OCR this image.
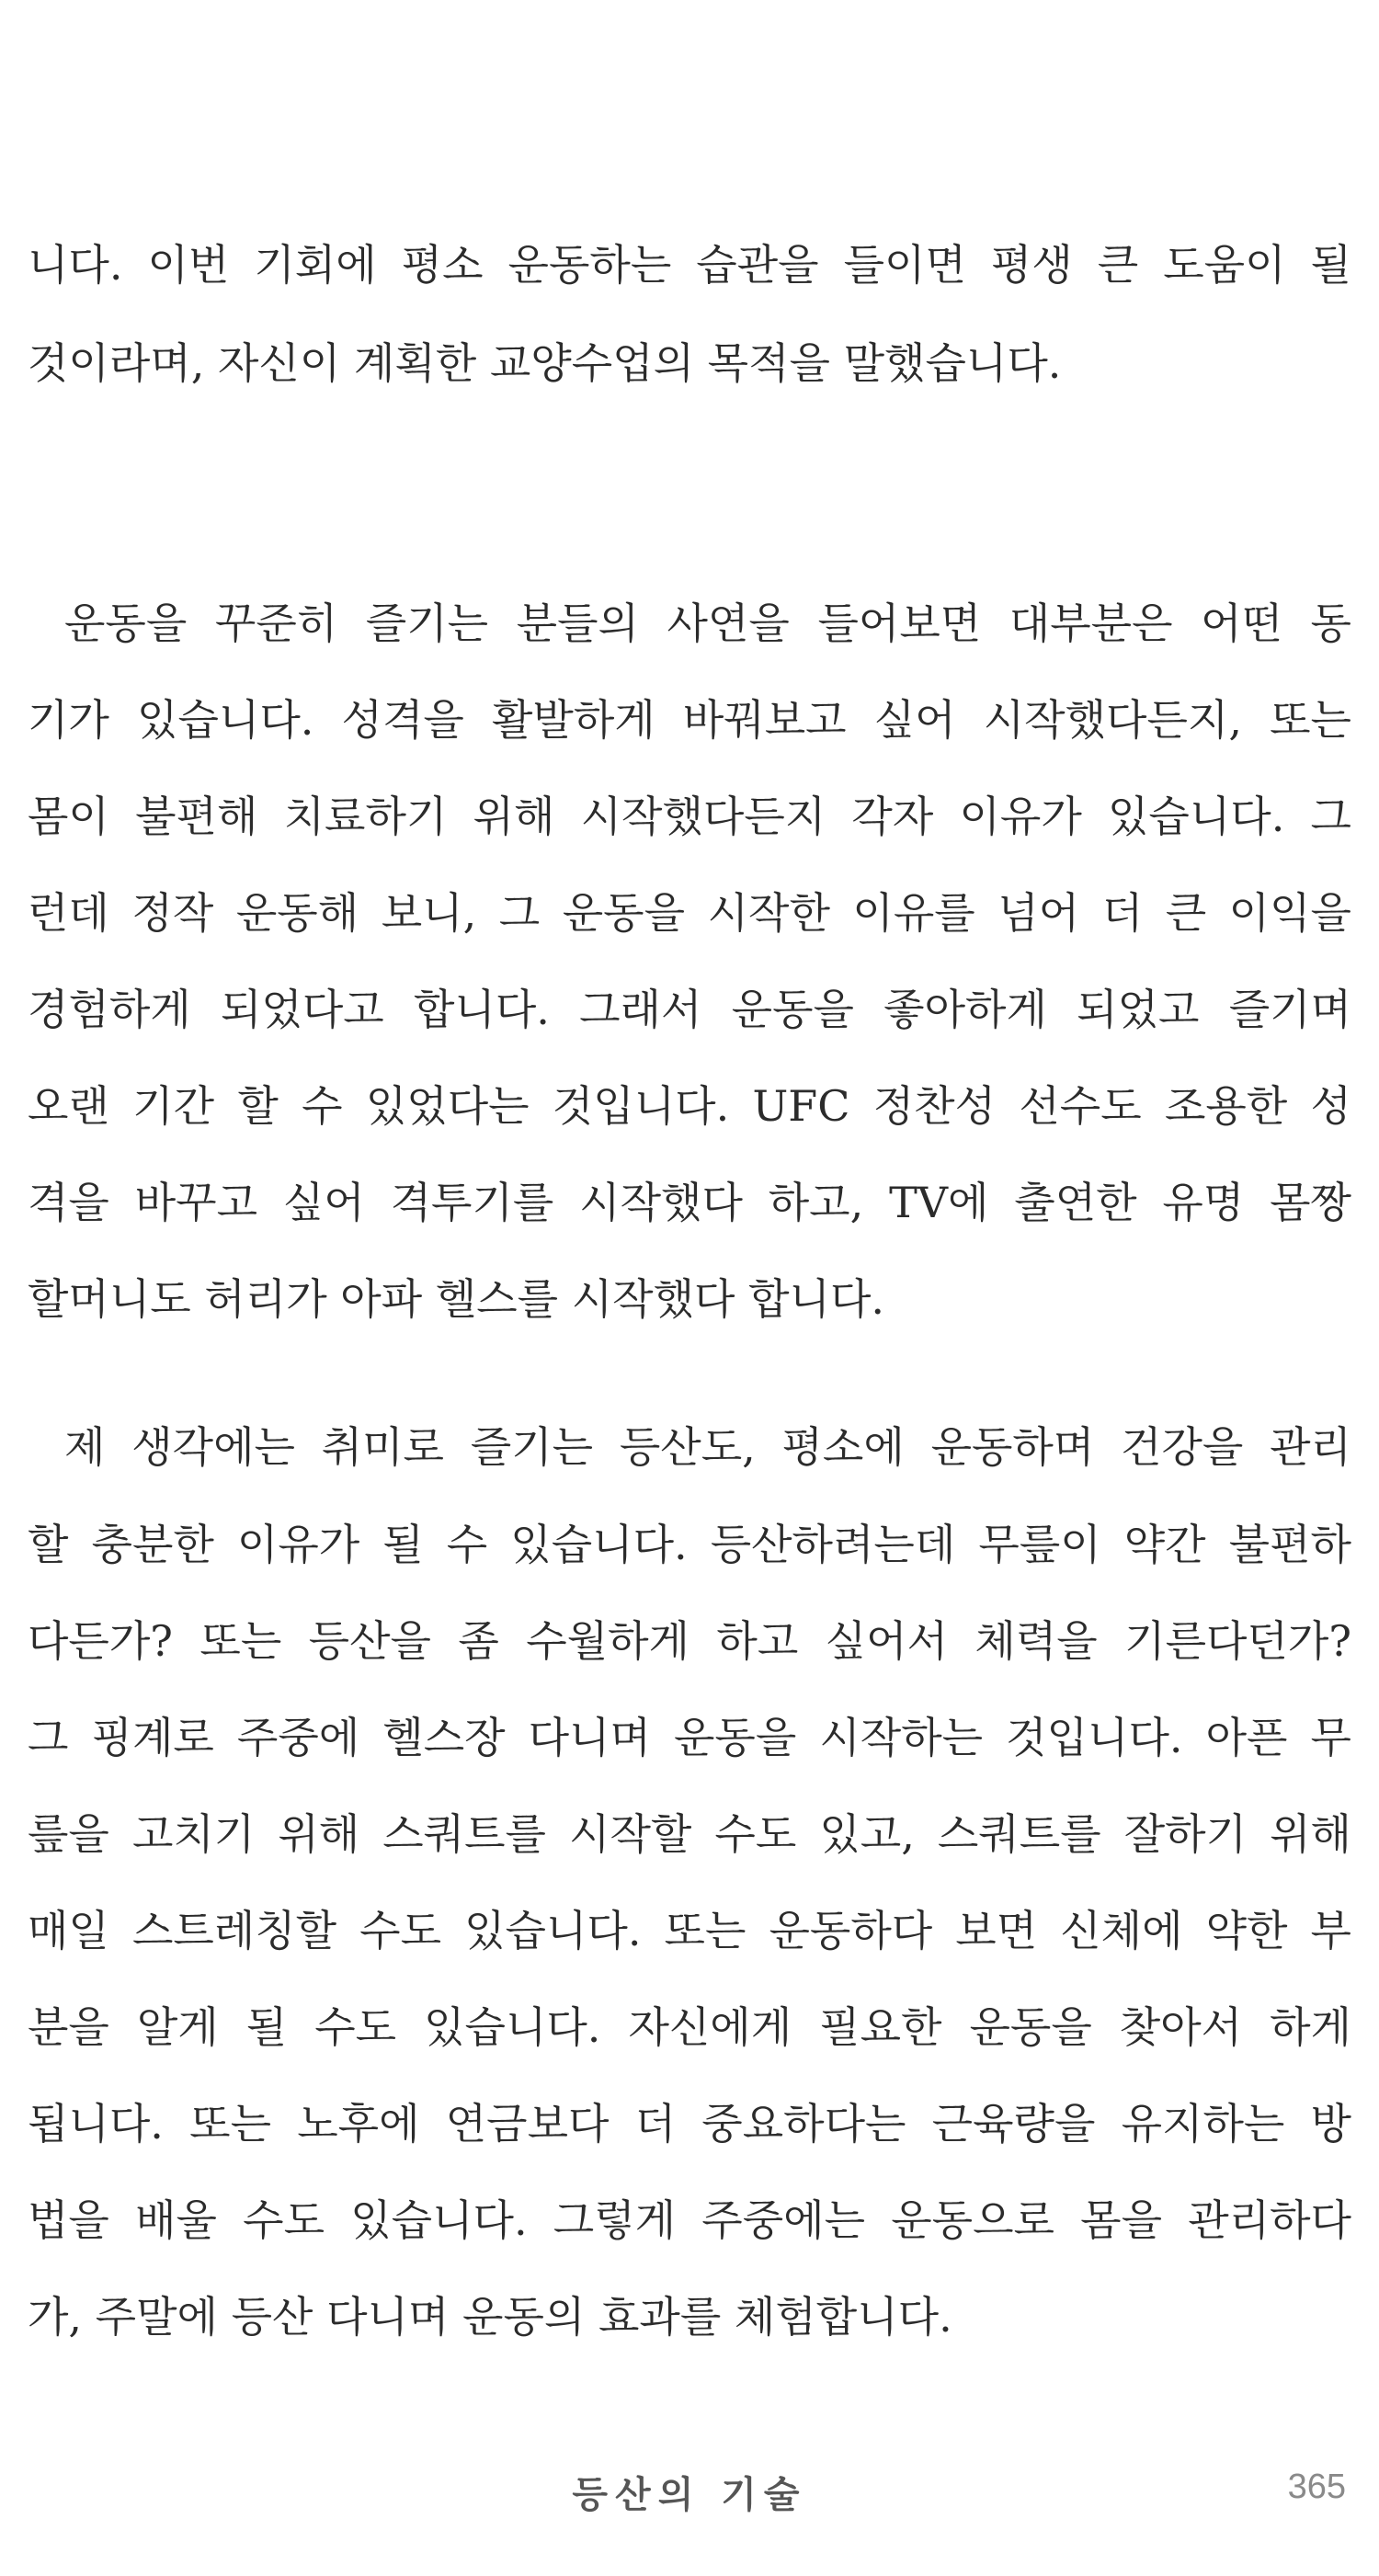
니다. 이번 기회에 평소 운동하는 습관을 들이면 평생 큰 도움이 될
것이라며, 자신이 계획한 교양수업의 목적을 말했습니다.
운동을 꾸준히 즐기는 분들의 사연을 들어보면 대부분은 어떤 동
기가 있습니다. 성격을 활발하게 바꿔보고 싶어 시작했다든지, 또는
몸이 불편해 치료하기 위해 시작했다든지 각자 이유가 있습니다. 그
런데 정작 운동해 보니, 그 운동을 시작한 이유를 넘어 더 큰 이익을
경험하게 되었다고 합니다. 그래서 운동을 좋아하게 되었고 즐기며
오랜 기간 할 수 있었다는 것입니다. UFC 정찬성 선수도 조용한 성
격을 바꾸고 싶어 격투기를 시작했다 하고, TV에 출연한 유명 몸짱
할머니도 허리가 아파 헬스를 시작했다 합니다.
제 생각에는 취미로 즐기는 등산도, 평소에 운동하며 건강을 관리
할 충분한 이유가 될 수 있습니다. 등산하려는데 무릎이 약간 불편하
다든가? 또는 등산을 좀 수월하게 하고 싶어서 체력을 기른다던가?
그 핑계로 주중에 헬스장 다니며 운동을 시작하는 것입니다. 아픈 무
릎을 고치기 위해 스쿼트를 시작할 수도 있고, 스쿼트를 잘하기 위해
매일 스트레칭할 수도 있습니다. 또는 운동하다 보면 신체에 약한 부
분을 알게 될 수도 있습니다. 자신에게 필요한 운동을 찾아서 하게
됩니다. 또는 노후에 연금보다 더 중요하다는 근육량을 유지하는 방
법을 배울 수도 있습니다. 그렇게 주중에는 운동으로 몸을 관리하다
가, 주말에 등산 다니며 운동의 효과를 체험합니다.
등산의 기술	365
